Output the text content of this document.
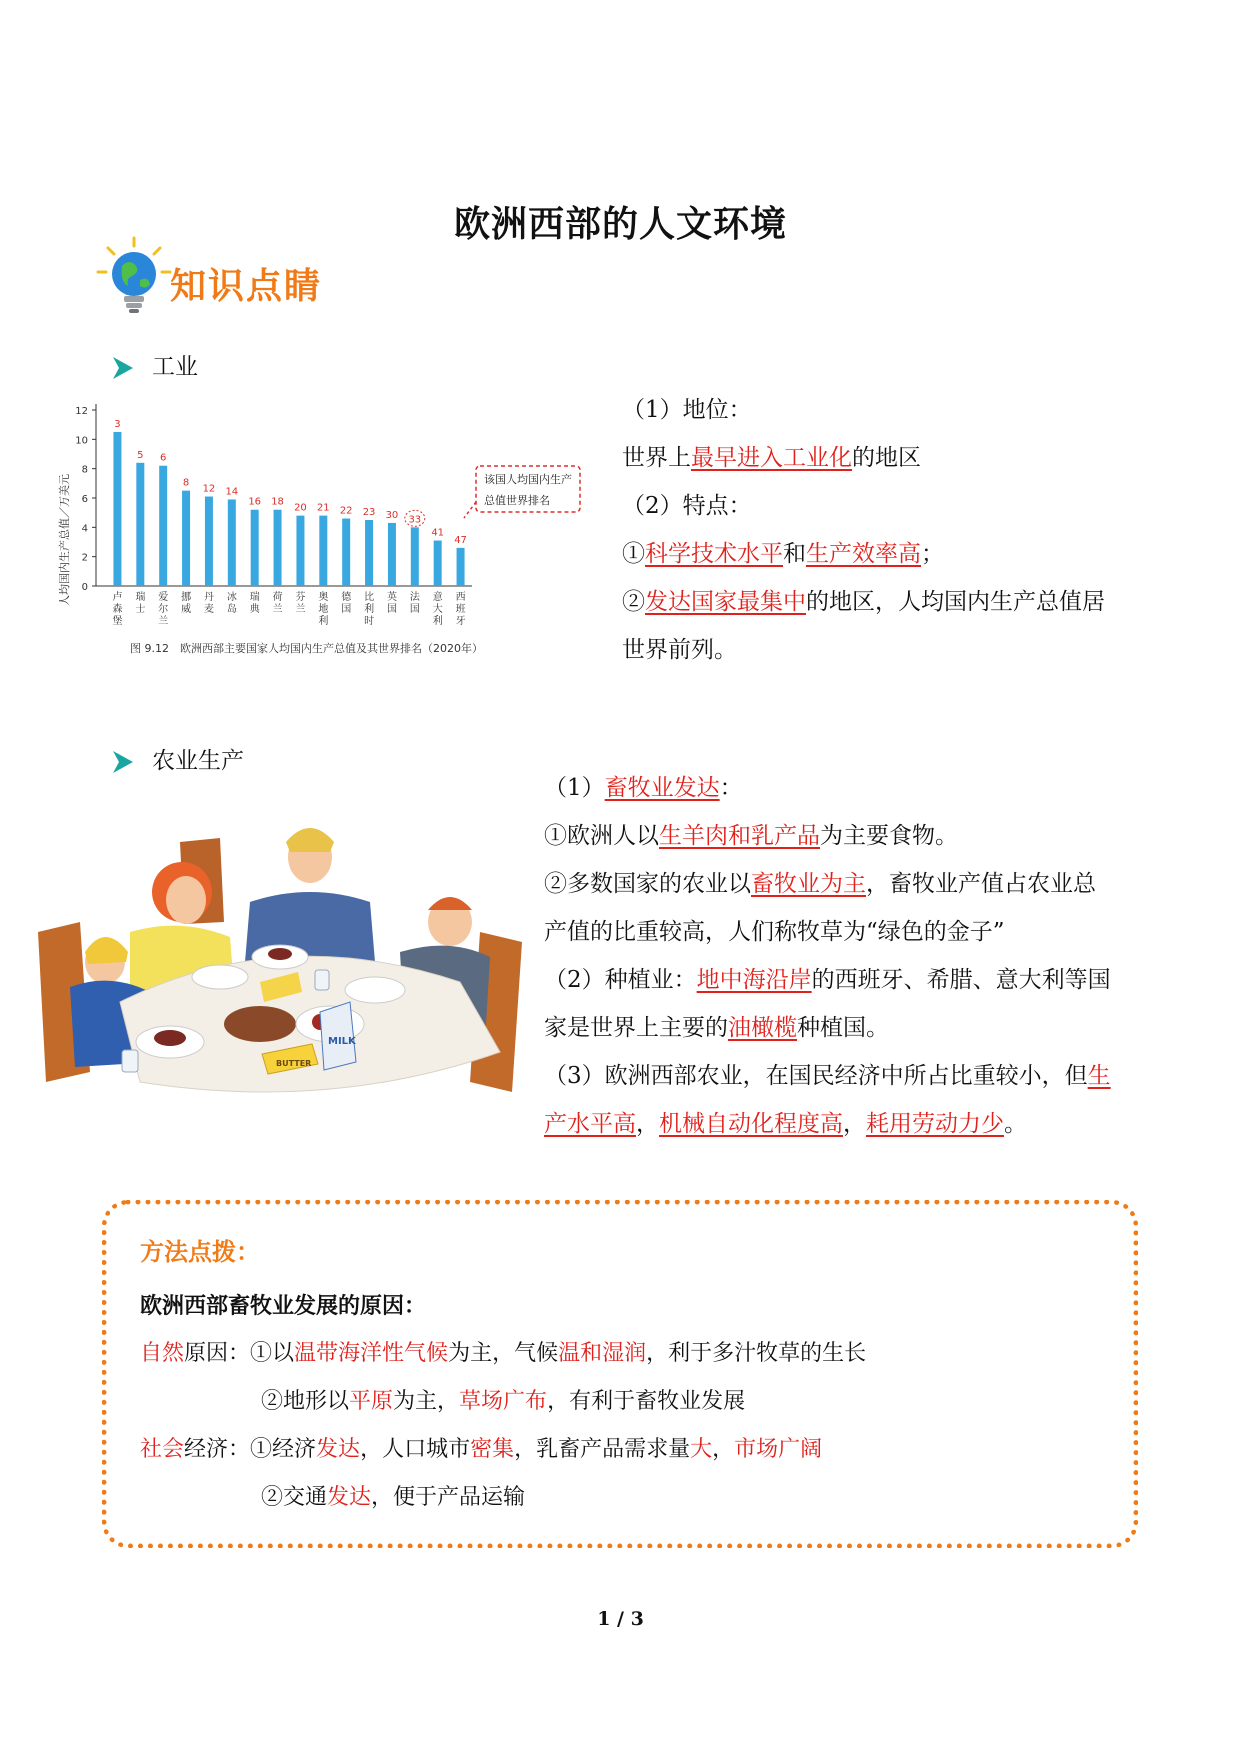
欧洲西部的人文环境
知识点睛
工业
人均国内生产总值／万美元 0
2
4
6
8
10
12
3
卢
森
堡
5
瑞
士
6
爱
尔
兰
8
挪
威
12
丹
麦
14
冰
岛
16
瑞
典
18
荷
兰
20
芬
兰
21
奥
地
利
22
德
国
23
比
利
时
30
英
国
33
法
国
41
意
大
利
47
西
班
牙
该国人均国内生产
总值世界排名
图 9.12　欧洲西部主要国家人均国内生产总值及其世界排名（2020年）
（1）地位：
世界上最早进入工业化的地区
（2）特点：
①科学技术水平和生产效率高；
②发达国家最集中的地区，人均国内生产总值居
世界前列。
农业生产
MILK
BUTTER
（1）畜牧业发达：
①欧洲人以生羊肉和乳产品为主要食物。
②多数国家的农业以畜牧业为主，畜牧业产值占农业总
产值的比重较高，人们称牧草为“绿色的金子”
（2）种植业：地中海沿岸的西班牙、希腊、意大利等国
家是世界上主要的油橄榄种植国。
（3）欧洲西部农业，在国民经济中所占比重较小，但生
产水平高，机械自动化程度高，耗用劳动力少。
方法点拨：
欧洲西部畜牧业发展的原因：
自然原因：①以温带海洋性气候为主，气候温和湿润，利于多汁牧草的生长
②地形以平原为主，草场广布，有利于畜牧业发展
社会经济：①经济发达，人口城市密集，乳畜产品需求量大，市场广阔
②交通发达，便于产品运输
1 / 3
